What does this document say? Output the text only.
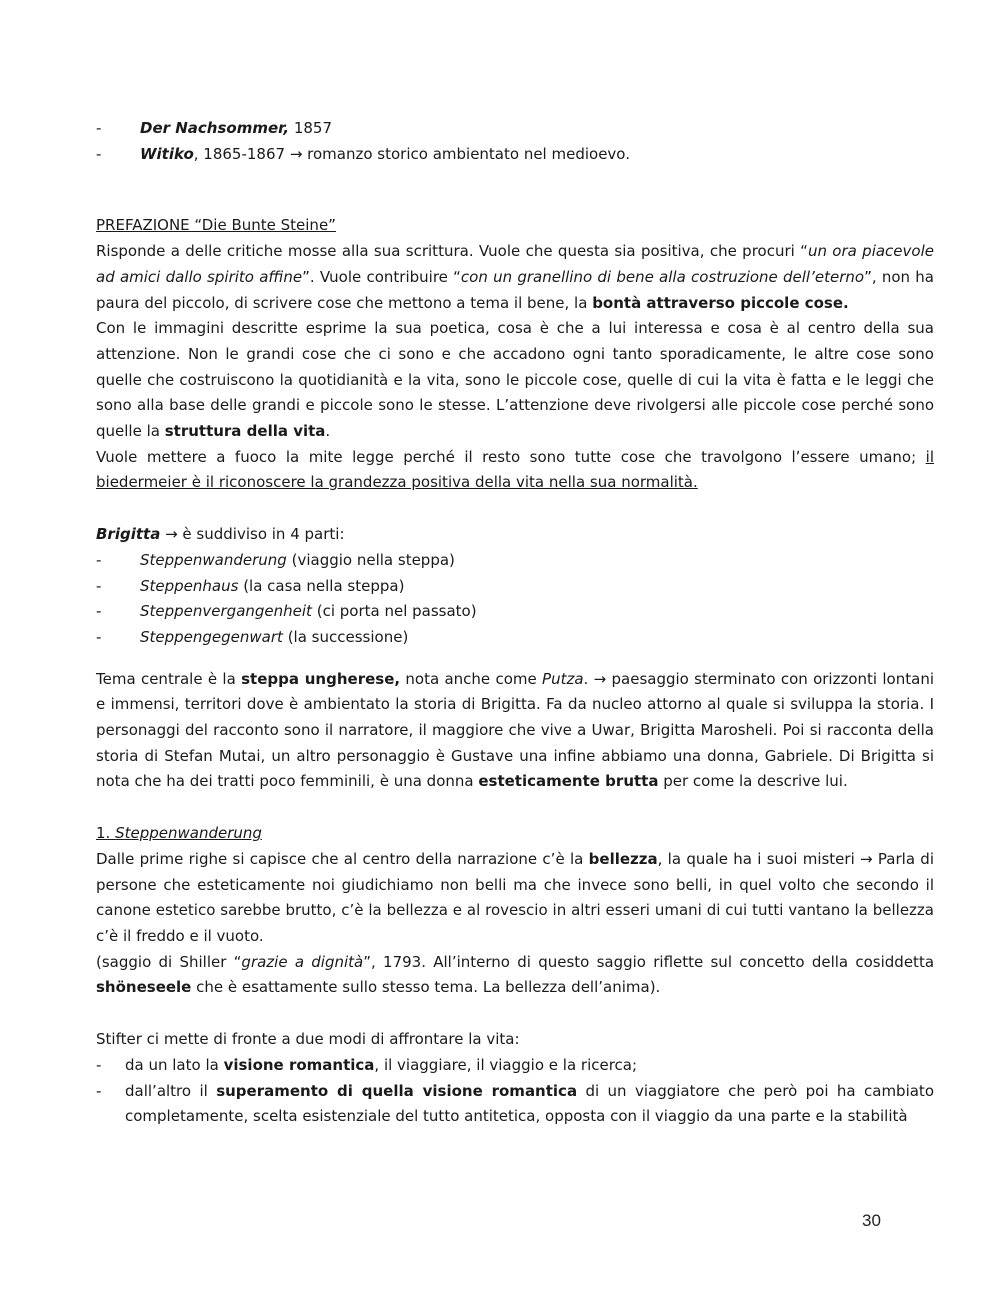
-	Der Nachsommer, 1857
-	Witiko, 1865-1867 → romanzo storico ambientato nel medioevo.

PREFAZIONE “Die Bunte Steine”

Risponde a delle critiche mosse alla sua scrittura. Vuole che questa sia positiva, che procuri “un ora piacevole ad amici dallo spirito affine”. Vuole contribuire “con un granellino di bene alla costruzione dell’eterno”, non ha paura del piccolo, di scrivere cose che mettono a tema il bene, la bontà attraverso piccole cose.

Con le immagini descritte esprime la sua poetica, cosa è che a lui interessa e cosa è al centro della sua attenzione. Non le grandi cose che ci sono e che accadono ogni tanto sporadicamente, le altre cose sono quelle che costruiscono la quotidianità e la vita, sono le piccole cose, quelle di cui la vita è fatta e le leggi che sono alla base delle grandi e piccole sono le stesse. L’attenzione deve rivolgersi alle piccole cose perché sono quelle la struttura della vita.

Vuole mettere a fuoco la mite legge perché il resto sono tutte cose che travolgono l’essere umano; il biedermeier è il riconoscere la grandezza positiva della vita nella sua normalità.

Brigitta → è suddiviso in 4 parti:

-	Steppenwanderung (viaggio nella steppa)
-	Steppenhaus (la casa nella steppa)
-	Steppenvergangenheit (ci porta nel passato)
-	Steppengegenwart (la successione)

Tema centrale è la steppa ungherese, nota anche come Putza. → paesaggio sterminato con orizzonti lontani e immensi, territori dove è ambientato la storia di Brigitta. Fa da nucleo attorno al quale si sviluppa la storia. I personaggi del racconto sono il narratore, il maggiore che vive a Uwar, Brigitta Marosheli. Poi si racconta della storia di Stefan Mutai, un altro personaggio è Gustave una infine abbiamo una donna, Gabriele. Di Brigitta si nota che ha dei tratti poco femminili, è una donna esteticamente brutta per come la descrive lui.

1. Steppenwanderung

Dalle prime righe si capisce che al centro della narrazione c’è la bellezza, la quale ha i suoi misteri → Parla di persone che esteticamente noi giudichiamo non belli ma che invece sono belli, in quel volto che secondo il canone estetico sarebbe brutto, c’è la bellezza e al rovescio in altri esseri umani di cui tutti vantano la bellezza c’è il freddo e il vuoto.

(saggio di Shiller “grazie a dignità”, 1793. All’interno di questo saggio riflette sul concetto della cosiddetta shöneseele che è esattamente sullo stesso tema. La bellezza dell’anima).

Stifter ci mette di fronte a due modi di affrontare la vita:

-	da un lato la visione romantica, il viaggiare, il viaggio e la ricerca;
-	dall’altro il superamento di quella visione romantica di un viaggiatore che però poi ha cambiato completamente, scelta esistenziale del tutto antitetica, opposta con il viaggio da una parte e la stabilità
30
